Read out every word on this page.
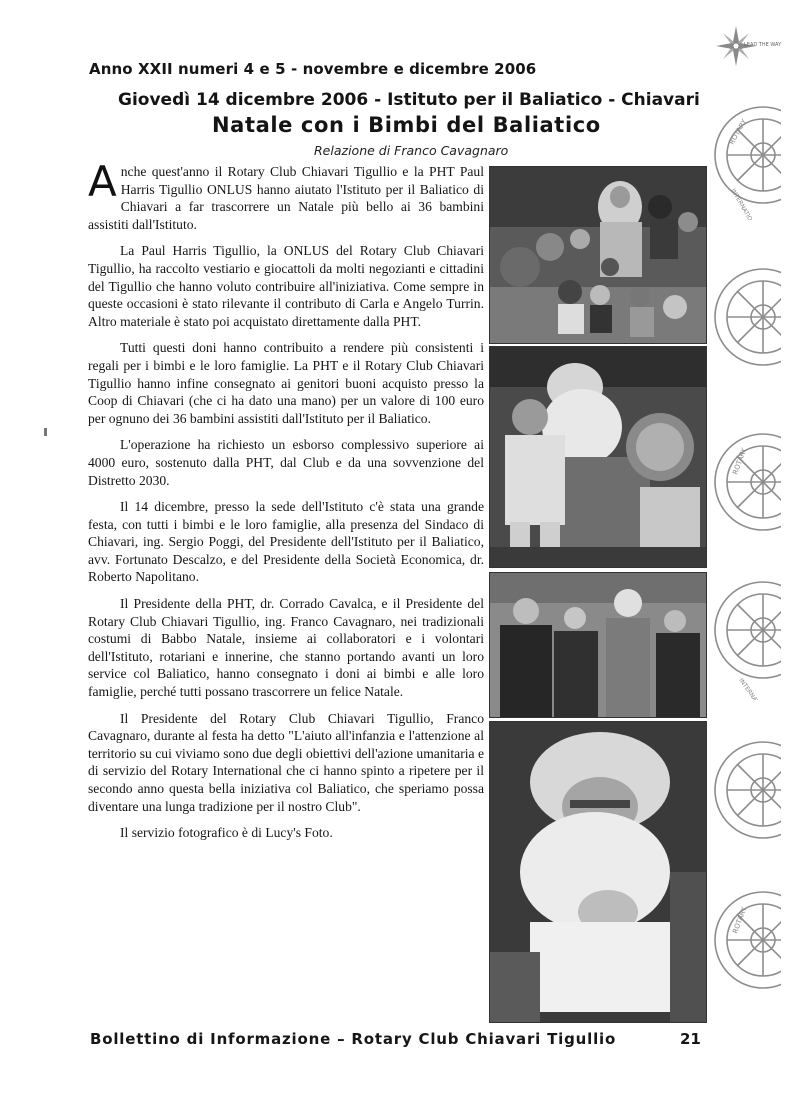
Anno XXII numeri 4 e 5 - novembre e dicembre 2006
LEAD THE WAY
Giovedì 14 dicembre 2006 - Istituto per il Baliatico - Chiavari
Natale con i Bimbi del Baliatico
Relazione di Franco Cavagnaro

Anche quest'anno il Rotary Club Chiavari Tigullio e la PHT Paul Harris Tigullio ONLUS hanno aiutato l'Istituto per il Baliatico di Chiavari a far trascorrere un Natale più bello ai 36 bambini assistiti dall'Istituto.

La Paul Harris Tigullio, la ONLUS del Rotary Club Chiavari Tigullio, ha raccolto vestiario e giocattoli da molti negozianti e cittadini del Tigullio che hanno voluto contribuire all'iniziativa. Come sempre in queste occasioni è stato rilevante il contributo di Carla e Angelo Turrin. Altro materiale è stato poi acquistato direttamente dalla PHT.

Tutti questi doni hanno contribuito a rendere più consistenti i regali per i bimbi e le loro famiglie. La PHT e il Rotary Club Chiavari Tigullio hanno infine consegnato ai genitori buoni acquisto presso la Coop di Chiavari (che ci ha dato una mano) per un valore di 100 euro per ognuno dei 36 bambini assistiti dall'Istituto per il Baliatico.

L'operazione ha richiesto un esborso complessivo superiore ai 4000 euro, sostenuto dalla PHT, dal Club e da una sovvenzione del Distretto 2030.

Il 14 dicembre, presso la sede dell'Istituto c'è stata una grande festa, con tutti i bimbi e le loro famiglie, alla presenza del Sindaco di Chiavari, ing. Sergio Poggi, del Presidente dell'Istituto per il Baliatico, avv. Fortunato Descalzo, e del Presidente della Società Economica, dr. Roberto Napolitano.

Il Presidente della PHT, dr. Corrado Cavalca, e il Presidente del Rotary Club Chiavari Tigullio, ing. Franco Cavagnaro, nei tradizionali costumi di Babbo Natale, insieme ai collaboratori e i volontari dell'Istituto, rotariani e innerine, che stanno portando avanti un loro service col Baliatico, hanno consegnato i doni ai bimbi e alle loro famiglie, perché tutti possano trascorrere un felice Natale.

Il Presidente del Rotary Club Chiavari Tigullio, Franco Cavagnaro, durante al festa ha detto "L'aiuto all'infanzia e l'attenzione al territorio su cui viviamo sono due degli obiettivi dell'azione umanitaria e di servizio del Rotary International che ci hanno spinto a ripetere per il secondo anno questa bella iniziativa col Baliatico, che speriamo possa diventare una lunga tradizione per il nostro Club".

Il servizio fotografico è di Lucy's Foto.

ROTARY
INTERNATIONAL
ROTARY
INTERNATIONAL
ROTARY
Bollettino di Informazione – Rotary Club Chiavari Tigullio	21
